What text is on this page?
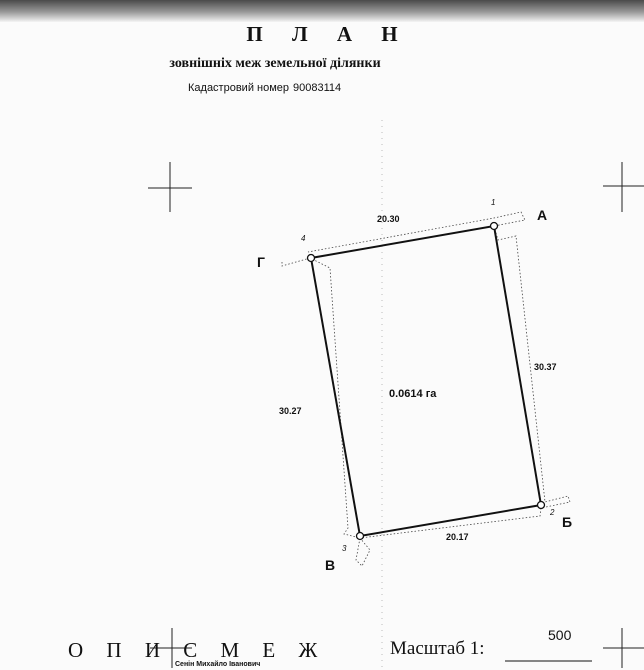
П Л А Н
зовнішніх меж земельної ділянки
Кадастровий номер 90083114
А
Б
В
Г
1
2
3
4
20.30
30.37
20.17
30.27
0.0614 га
О П И С М Е Ж	Масштаб 1:
500
Сенін Михайло Іванович
